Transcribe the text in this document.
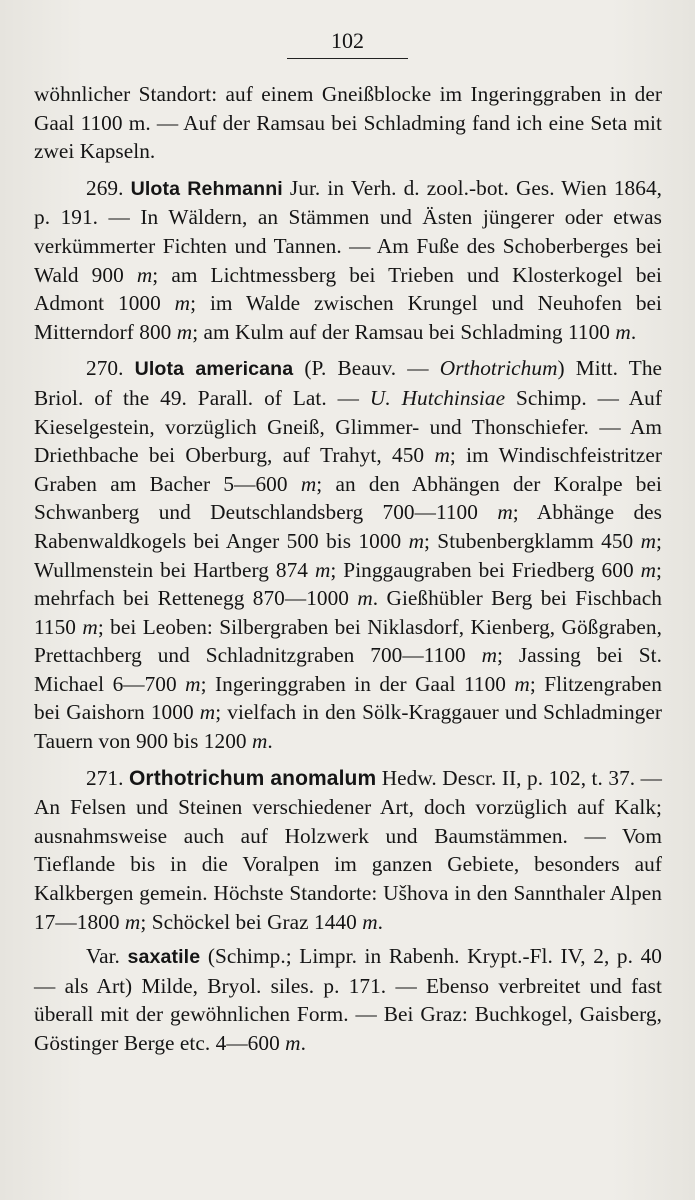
102

wöhnlicher Standort: auf einem Gneißblocke im Ingeringgraben in der Gaal 1100 m. — Auf der Ramsau bei Schladming fand ich eine Seta mit zwei Kapseln.

269. Ulota Rehmanni Jur. in Verh. d. zool.-bot. Ges. Wien 1864, p. 191. — In Wäldern, an Stämmen und Ästen jüngerer oder etwas verkümmerter Fichten und Tannen. — Am Fuße des Schoberberges bei Wald 900 m; am Lichtmessberg bei Trieben und Klosterkogel bei Admont 1000 m; im Walde zwischen Krungel und Neuhofen bei Mitterndorf 800 m; am Kulm auf der Ramsau bei Schladming 1100 m.

270. Ulota americana (P. Beauv. — Orthotrichum) Mitt. The Briol. of the 49. Parall. of Lat. — U. Hutchinsiae Schimp. — Auf Kieselgestein, vorzüglich Gneiß, Glimmer- und Thonschiefer. — Am Driethbache bei Oberburg, auf Trahyt, 450 m; im Windischfeistritzer Graben am Bacher 5—600 m; an den Abhängen der Koralpe bei Schwanberg und Deutschlandsberg 700—1100 m; Abhänge des Rabenwaldkogels bei Anger 500 bis 1000 m; Stubenbergklamm 450 m; Wullmenstein bei Hartberg 874 m; Pinggaugraben bei Friedberg 600 m; mehrfach bei Rettenegg 870—1000 m. Gießhübler Berg bei Fischbach 1150 m; bei Leoben: Silbergraben bei Niklasdorf, Kienberg, Gößgraben, Prettachberg und Schladnitzgraben 700—1100 m; Jassing bei St. Michael 6—700 m; Ingeringgraben in der Gaal 1100 m; Flitzengraben bei Gaishorn 1000 m; vielfach in den Sölk-Kraggauer und Schladminger Tauern von 900 bis 1200 m.

271. Orthotrichum anomalum Hedw. Descr. II, p. 102, t. 37. — An Felsen und Steinen verschiedener Art, doch vorzüglich auf Kalk; ausnahmsweise auch auf Holzwerk und Baumstämmen. — Vom Tieflande bis in die Voralpen im ganzen Gebiete, besonders auf Kalkbergen gemein. Höchste Standorte: Ušhova in den Sannthaler Alpen 17—1800 m; Schöckel bei Graz 1440 m.

Var. saxatile (Schimp.; Limpr. in Rabenh. Krypt.-Fl. IV, 2, p. 40 — als Art) Milde, Bryol. siles. p. 171. — Ebenso verbreitet und fast überall mit der gewöhnlichen Form. — Bei Graz: Buchkogel, Gaisberg, Göstinger Berge etc. 4—600 m.
